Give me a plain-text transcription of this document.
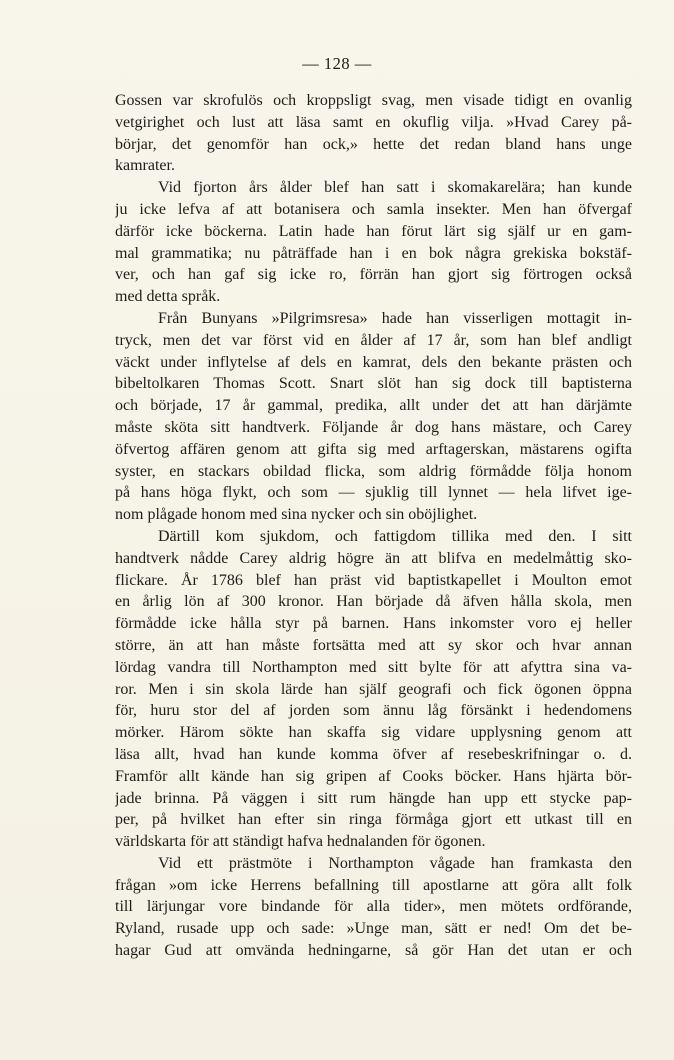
— 128 —
Gossen var skrofulös och kroppsligt svag, men visade tidigt en ovanlig
vetgirighet och lust att läsa samt en okuflig vilja. »Hvad Carey på-
börjar, det genomför han ock,» hette det redan bland hans unge
kamrater.
Vid fjorton års ålder blef han satt i skomakarelära; han kunde
ju icke lefva af att botanisera och samla insekter. Men han öfvergaf
därför icke böckerna. Latin hade han förut lärt sig själf ur en gam-
mal grammatika; nu påträffade han i en bok några grekiska bokstäf-
ver, och han gaf sig icke ro, förrän han gjort sig förtrogen också
med detta språk.
Från Bunyans »Pilgrimsresa» hade han visserligen mottagit in-
tryck, men det var först vid en ålder af 17 år, som han blef andligt
väckt under inflytelse af dels en kamrat, dels den bekante prästen och
bibeltolkaren Thomas Scott. Snart slöt han sig dock till baptisterna
och började, 17 år gammal, predika, allt under det att han därjämte
måste sköta sitt handtverk. Följande år dog hans mästare, och Carey
öfvertog affären genom att gifta sig med arftagerskan, mästarens ogifta
syster, en stackars obildad flicka, som aldrig förmådde följa honom
på hans höga flykt, och som — sjuklig till lynnet — hela lifvet ige-
nom plågade honom med sina nycker och sin oböjlighet.
Därtill kom sjukdom, och fattigdom tillika med den. I sitt
handtverk nådde Carey aldrig högre än att blifva en medelmåttig sko-
flickare. År 1786 blef han präst vid baptistkapellet i Moulton emot
en årlig lön af 300 kronor. Han började då äfven hålla skola, men
förmådde icke hålla styr på barnen. Hans inkomster voro ej heller
större, än att han måste fortsätta med att sy skor och hvar annan
lördag vandra till Northampton med sitt bylte för att afyttra sina va-
ror. Men i sin skola lärde han själf geografi och fick ögonen öppna
för, huru stor del af jorden som ännu låg försänkt i hedendomens
mörker. Härom sökte han skaffa sig vidare upplysning genom att
läsa allt, hvad han kunde komma öfver af resebeskrifningar o. d.
Framför allt kände han sig gripen af Cooks böcker. Hans hjärta bör-
jade brinna. På väggen i sitt rum hängde han upp ett stycke pap-
per, på hvilket han efter sin ringa förmåga gjort ett utkast till en
världskarta för att ständigt hafva hednalanden för ögonen.
Vid ett prästmöte i Northampton vågade han framkasta den
frågan »om icke Herrens befallning till apostlarne att göra allt folk
till lärjungar vore bindande för alla tider», men mötets ordförande,
Ryland, rusade upp och sade: »Unge man, sätt er ned! Om det be-
hagar Gud att omvända hedningarne, så gör Han det utan er och
